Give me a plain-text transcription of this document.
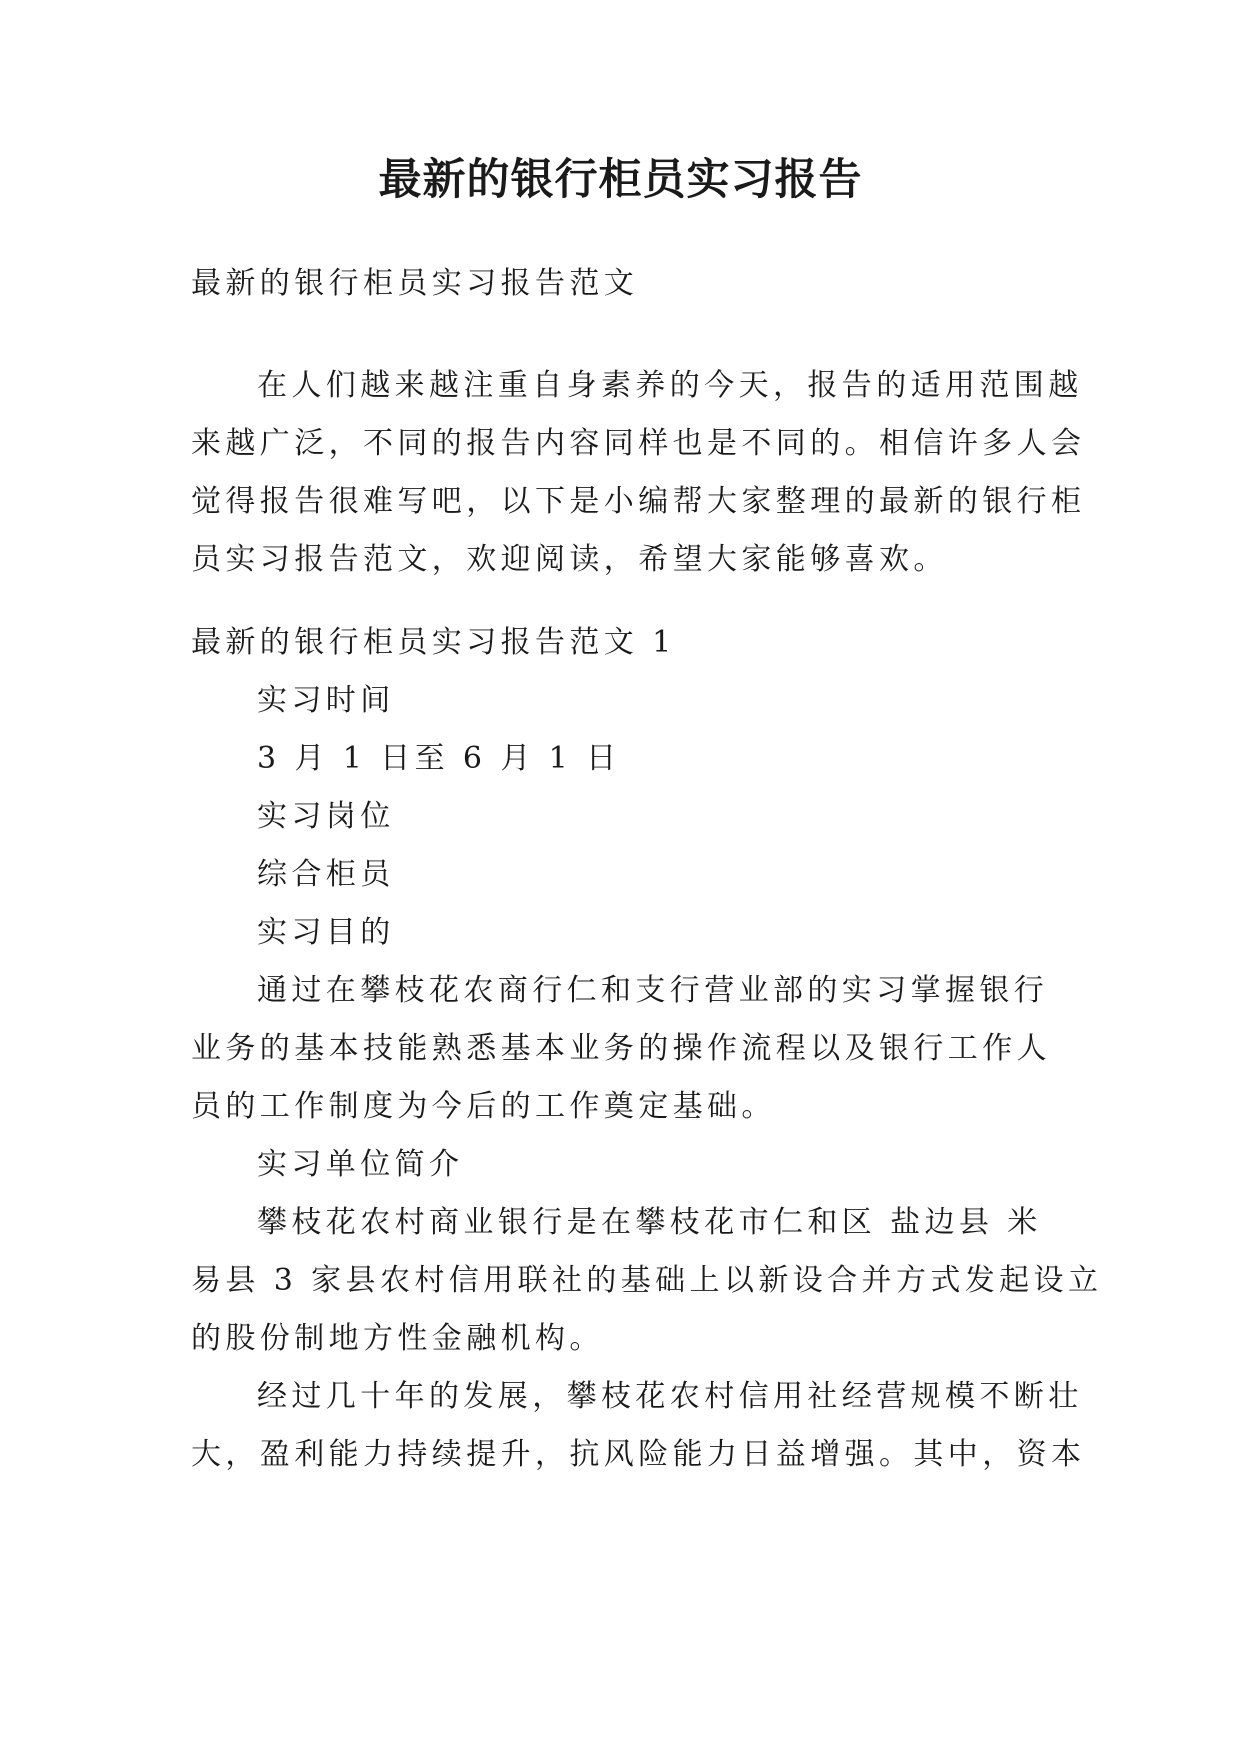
最新的银行柜员实习报告
最新的银行柜员实习报告范文
在人们越来越注重自身素养的今天，报告的适用范围越
来越广泛，不同的报告内容同样也是不同的。相信许多人会
觉得报告很难写吧，以下是小编帮大家整理的最新的银行柜
员实习报告范文，欢迎阅读，希望大家能够喜欢。
最新的银行柜员实习报告范文 1
实习时间
3 月 1 日至 6 月 1 日
实习岗位
综合柜员
实习目的
通过在攀枝花农商行仁和支行营业部的实习掌握银行
业务的基本技能熟悉基本业务的操作流程以及银行工作人
员的工作制度为今后的工作奠定基础。
实习单位简介
攀枝花农村商业银行是在攀枝花市仁和区 盐边县 米
易县 3 家县农村信用联社的基础上以新设合并方式发起设立
的股份制地方性金融机构。
经过几十年的发展，攀枝花农村信用社经营规模不断壮
大，盈利能力持续提升，抗风险能力日益增强。其中，资本
